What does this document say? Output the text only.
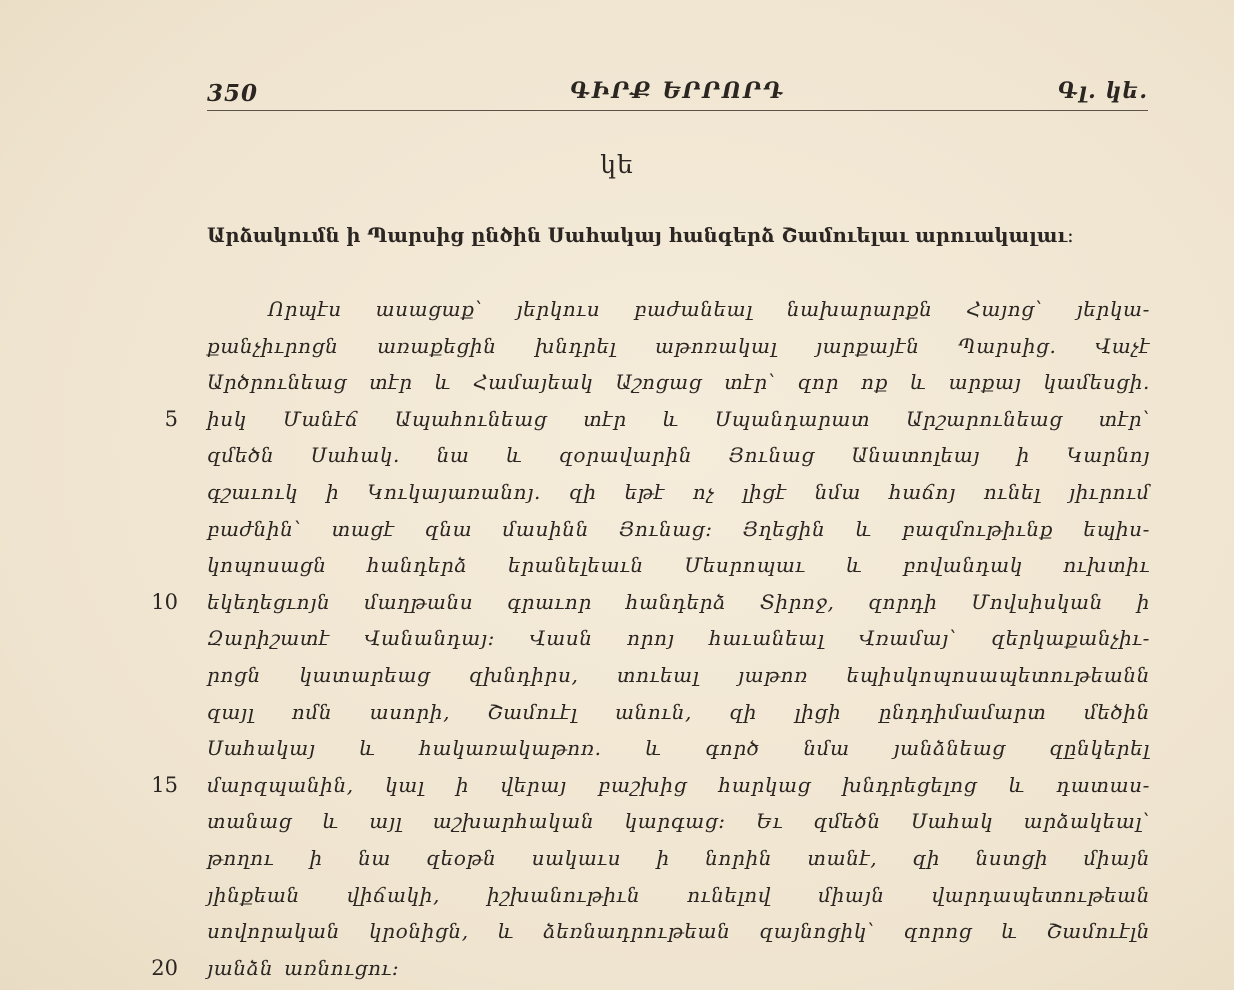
350	ԳԻՐՔ ԵՐՐՈՐԴ	Գլ. կե.
կե
Արձակումն ի Պարսից ընծին Սահակայ հանգերձ Շամուելաւ արուակալաւ։
Որպէս ասացաք՝ յերկուս բաժանեալ նախարարքն Հայոց՝ յերկա-
քանչիւրոցն առաքեցին խնդրել աթոռակալ յարքայէն Պարսից. Վաչէ
Արծրունեաց տէր և Համայեակ Աշոցաց տէր՝ զոր ոք և արքայ կամեսցի.
իսկ Մանէճ Ապահունեաց տէր և Սպանդարատ Արշարունեաց տէր՝
զմեծն Սահակ. նա և զօրավարին Յունաց Անատոլեայ ի Կարնոյ
գշաւուկ ի Կուկայառանոյ. զի եթէ ոչ լիցէ նմա հաճոյ ունել յիւրում
բաժնին՝ տացէ զնա մասինն Յունաց։ Յղեցին և բազմութիւնք եպիս-
կոպոսացն հանդերձ երանելեաւն Մեսրոպաւ և բովանդակ ուխտիւ
եկեղեցւոյն մաղթանս գրաւոր հանդերձ Տիրոջ, զորդի Մովսիսկան ի
Զարիշատէ Վանանդայ։ Վասն որոյ հաւանեալ Վռամայ՝ զերկաքանչիւ-
րոցն կատարեաց զխնդիրս, տուեալ յաթոռ եպիսկոպոսապետութեանն
զայլ ոմն ասորի, Շամուէլ անուն, զի լիցի ընդդիմամարտ մեծին
Սահակայ և հակառակաթոռ. և գործ նմա յանձնեաց զընկերել
մարզպանին, կալ ի վերայ բաշխից հարկաց խնդրեցելոց և դատաս-
տանաց և այլ աշխարհական կարգաց։ Եւ զմեծն Սահակ արձակեալ՝
թողու ի նա զեօթն սակաւս ի նորին տանէ, զի նստցի միայն
յինքեան վիճակի, իշխանութիւն ունելով միայն վարդապետութեան
սովորական կրօնիցն, և ձեռնադրութեան զայնոցիկ՝ զորոց և Շամուէլն
յանձն առնուցու։
5
10
15
20
